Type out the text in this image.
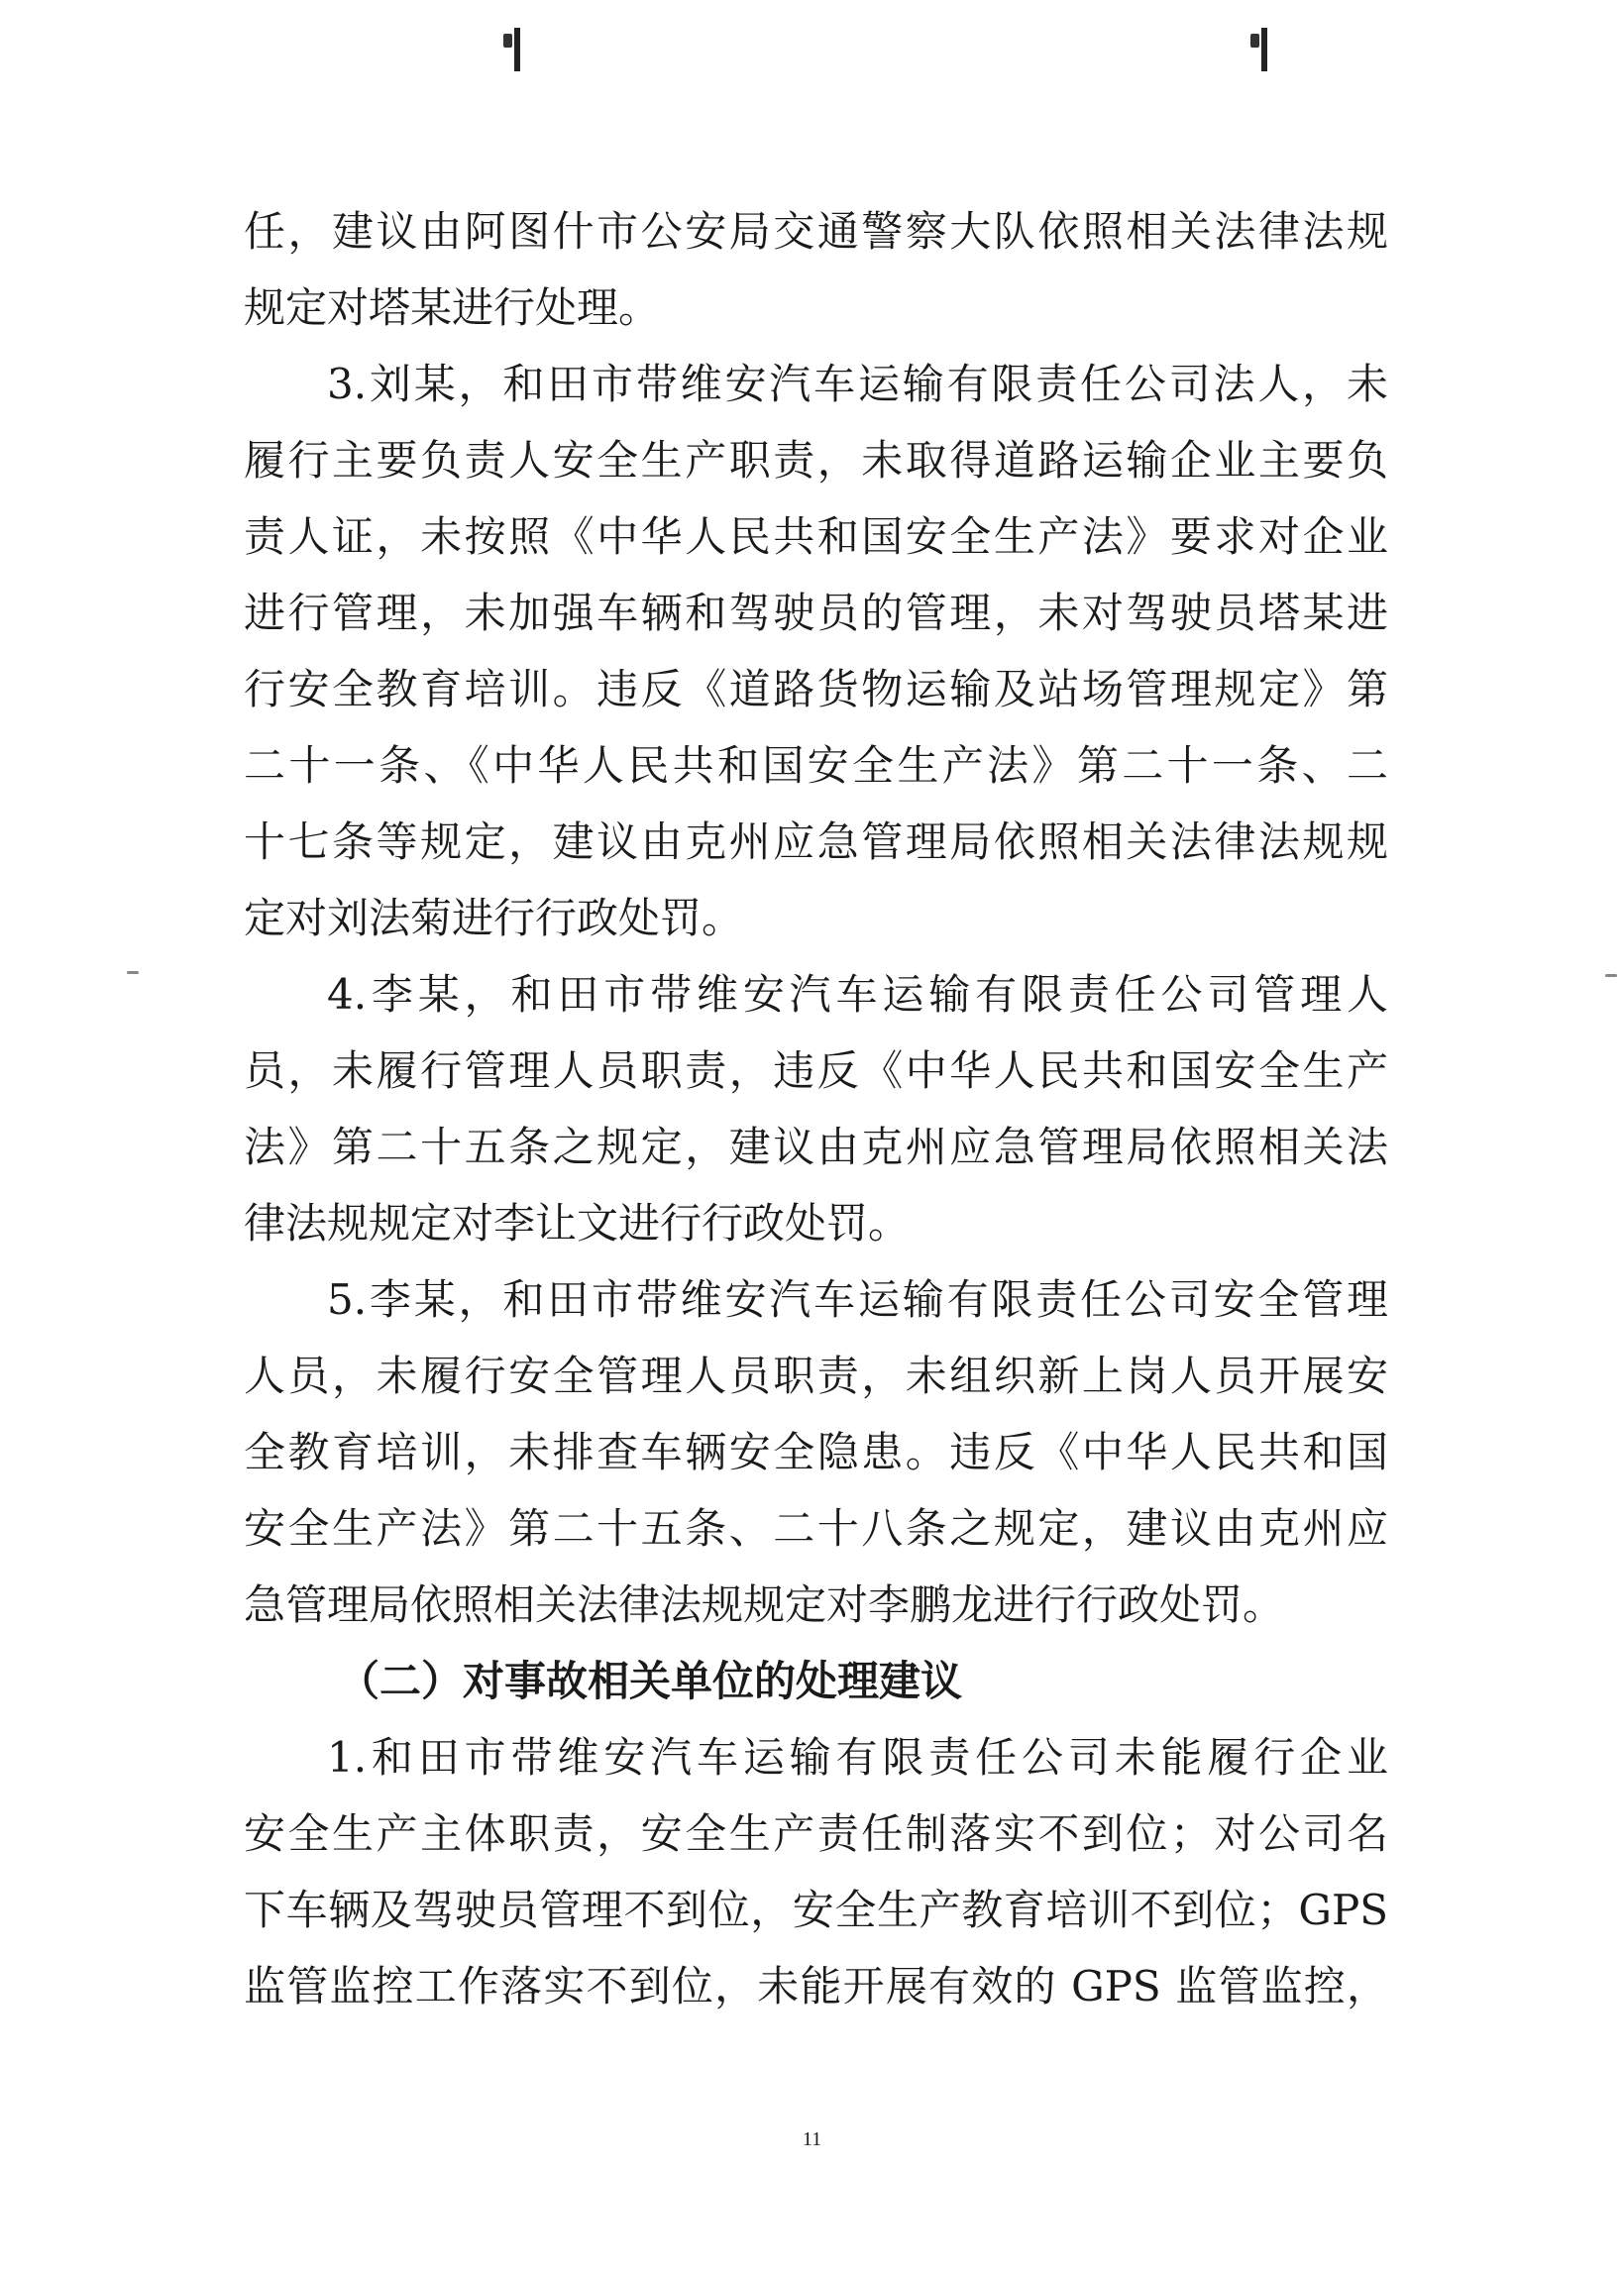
任，建议由阿图什市公安局交通警察大队依照相关法律法规
规定对塔某进行处理。
3.刘某，和田市带维安汽车运输有限责任公司法人，未
履行主要负责人安全生产职责，未取得道路运输企业主要负
责人证，未按照《中华人民共和国安全生产法》要求对企业
进行管理，未加强车辆和驾驶员的管理，未对驾驶员塔某进
行安全教育培训。违反《道路货物运输及站场管理规定》第
二十一条、《中华人民共和国安全生产法》第二十一条、二
十七条等规定，建议由克州应急管理局依照相关法律法规规
定对刘法菊进行行政处罚。
4.李某，和田市带维安汽车运输有限责任公司管理人
员，未履行管理人员职责，违反《中华人民共和国安全生产
法》第二十五条之规定，建议由克州应急管理局依照相关法
律法规规定对李让文进行行政处罚。
5.李某，和田市带维安汽车运输有限责任公司安全管理
人员，未履行安全管理人员职责，未组织新上岗人员开展安
全教育培训，未排查车辆安全隐患。违反《中华人民共和国
安全生产法》第二十五条、二十八条之规定，建议由克州应
急管理局依照相关法律法规规定对李鹏龙进行行政处罚。
（二）对事故相关单位的处理建议
1.和田市带维安汽车运输有限责任公司未能履行企业
安全生产主体职责，安全生产责任制落实不到位；对公司名
下车辆及驾驶员管理不到位，安全生产教育培训不到位；GPS
监管监控工作落实不到位，未能开展有效的 GPS 监管监控，
11
